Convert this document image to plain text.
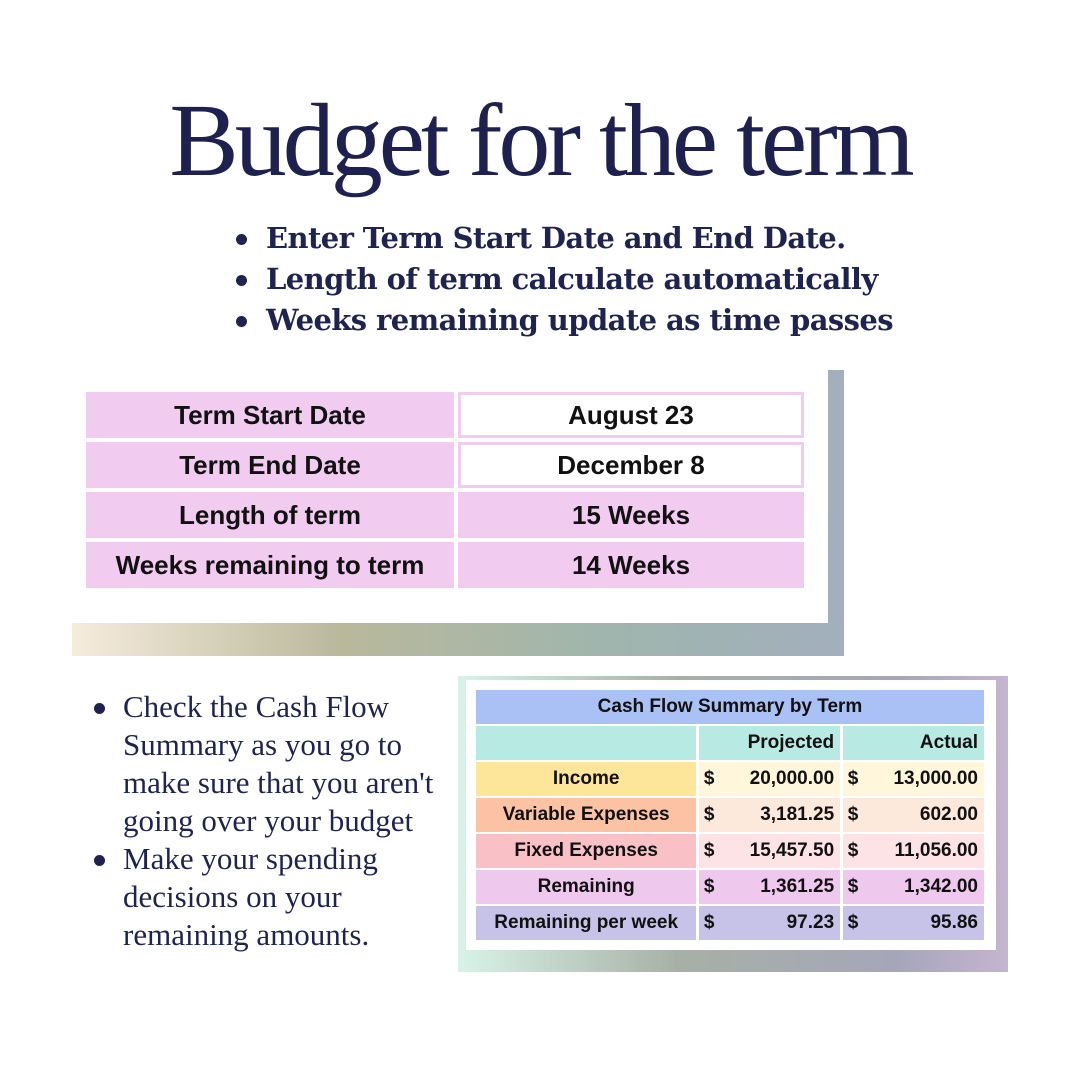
Budget for the term
Enter Term Start Date and End Date.
Length of term calculate automatically
Weeks remaining update as time passes
Term Start Date	August 23
Term End Date	December 8
Length of term	15 Weeks
Weeks remaining to term	14 Weeks
Check the Cash Flow Summary as you go to make sure that you aren't going over your budget
Make your spending decisions on your remaining amounts.
Cash Flow Summary by Term				
	Projected		Actual	
Income	$	20,000.00	$	13,000.00
Variable Expenses	$	3,181.25	$	602.00
Fixed Expenses	$	15,457.50	$	11,056.00
Remaining	$	1,361.25	$	1,342.00
Remaining per week	$	97.23	$	95.86
